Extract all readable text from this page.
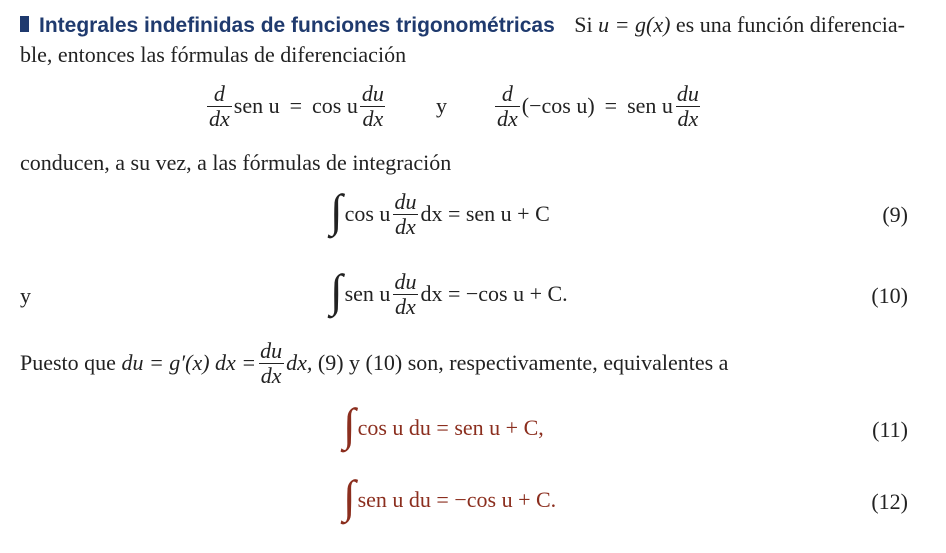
Integrales indefinidas de funciones trigonométricas Si u = g(x) es una función diferencia-
ble, entonces las fórmulas de diferenciación
$\frac{d}{dx}$ sen u = cos u $\frac{du}{dx}$ y $\frac{d}{dx} (-\cos$ u) = sen u $\frac{du}{dx}$
conducen, a su vez, a las fórmulas de integración
∫ cos u $\frac{du}{dx}$ dx = sen u + C	(9)
y	∫ sen u $\frac{du}{dx}$ dx = −cos u + C.	(10)
Puesto que
du = g′(x) dx = $\frac{du}{dx}$ dx,
(9) y (10) son, respectivamente, equivalentes a
∫ cos u du = sen u + C,	(11)
∫ sen u du = −cos u + C.	(12)
